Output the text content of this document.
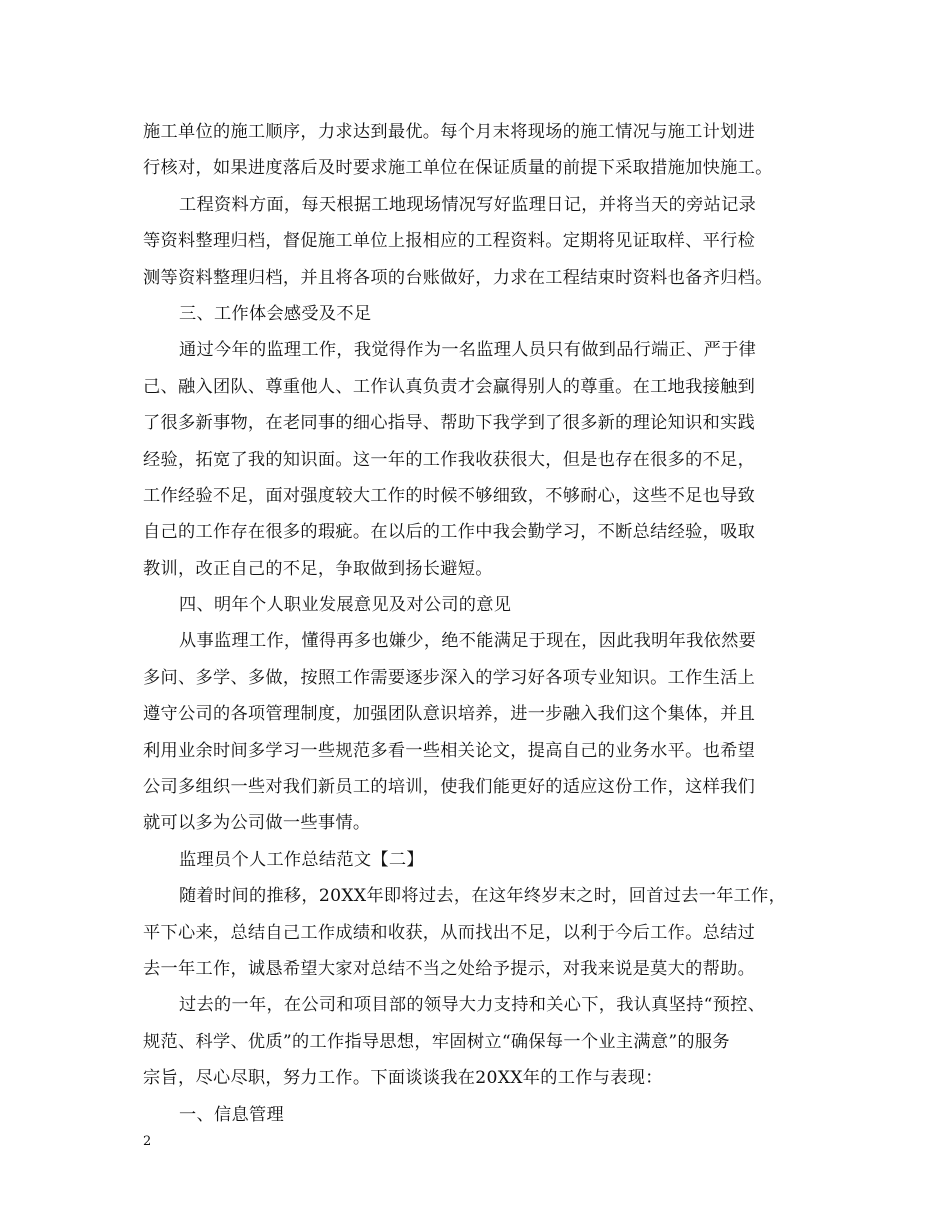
施工单位的施工顺序，力求达到最优。每个月末将现场的施工情况与施工计划进
行核对，如果进度落后及时要求施工单位在保证质量的前提下采取措施加快施工。
工程资料方面，每天根据工地现场情况写好监理日记，并将当天的旁站记录
等资料整理归档，督促施工单位上报相应的工程资料。定期将见证取样、平行检
测等资料整理归档，并且将各项的台账做好，力求在工程结束时资料也备齐归档。
三、工作体会感受及不足
通过今年的监理工作，我觉得作为一名监理人员只有做到品行端正、严于律
己、融入团队、尊重他人、工作认真负责才会赢得别人的尊重。在工地我接触到
了很多新事物，在老同事的细心指导、帮助下我学到了很多新的理论知识和实践
经验，拓宽了我的知识面。这一年的工作我收获很大，但是也存在很多的不足，
工作经验不足，面对强度较大工作的时候不够细致，不够耐心，这些不足也导致
自己的工作存在很多的瑕疵。在以后的工作中我会勤学习，不断总结经验，吸取
教训，改正自己的不足，争取做到扬长避短。
四、明年个人职业发展意见及对公司的意见
从事监理工作，懂得再多也嫌少，绝不能满足于现在，因此我明年我依然要
多问、多学、多做，按照工作需要逐步深入的学习好各项专业知识。工作生活上
遵守公司的各项管理制度，加强团队意识培养，进一步融入我们这个集体，并且
利用业余时间多学习一些规范多看一些相关论文，提高自己的业务水平。也希望
公司多组织一些对我们新员工的培训，使我们能更好的适应这份工作，这样我们
就可以多为公司做一些事情。
监理员个人工作总结范文【二】
随着时间的推移，20XX年即将过去，在这年终岁末之时，回首过去一年工作，
平下心来，总结自己工作成绩和收获，从而找出不足，以利于今后工作。总结过
去一年工作，诚恳希望大家对总结不当之处给予提示，对我来说是莫大的帮助。
过去的一年，在公司和项目部的领导大力支持和关心下，我认真坚持“预控、
规范、科学、优质”的工作指导思想，牢固树立“确保每一个业主满意”的服务
宗旨，尽心尽职，努力工作。下面谈谈我在20XX年的工作与表现：
一、信息管理
2
